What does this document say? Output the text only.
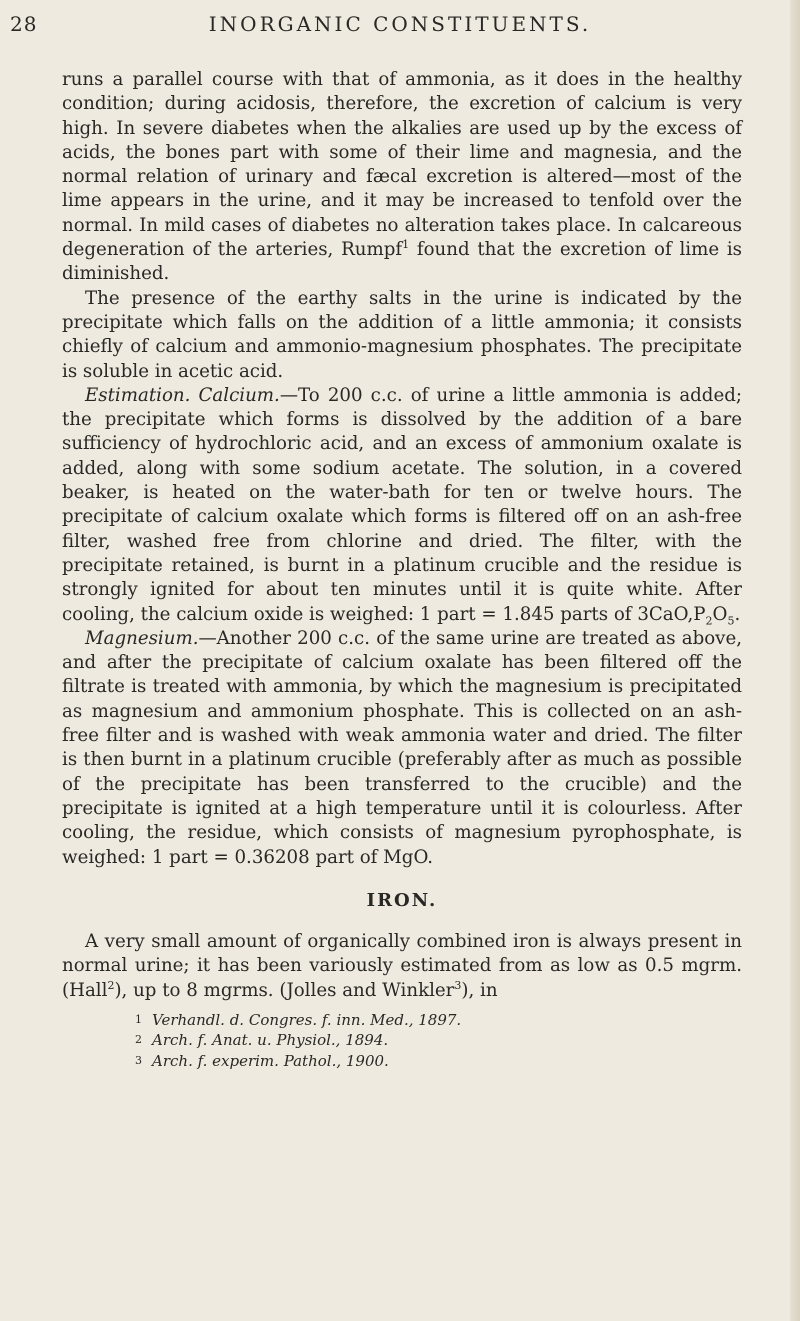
28	INORGANIC CONSTITUENTS.

runs a parallel course with that of ammonia, as it does in the healthy condition; during acidosis, therefore, the excretion of calcium is very high. In severe diabetes when the alkalies are used up by the excess of acids, the bones part with some of their lime and magnesia, and the normal relation of urinary and fæcal excretion is altered—most of the lime appears in the urine, and it may be increased to tenfold over the normal. In mild cases of diabetes no alteration takes place. In calcareous degeneration of the arteries, Rumpf$^1$ found that the excretion of lime is diminished.

The presence of the earthy salts in the urine is indicated by the precipitate which falls on the addition of a little ammonia; it consists chiefly of calcium and ammonio-magnesium phosphates. The precipitate is soluble in acetic acid.

Estimation. Calcium.—To 200 c.c. of urine a little ammonia is added; the precipitate which forms is dissolved by the addition of a bare sufficiency of hydrochloric acid, and an excess of ammonium oxalate is added, along with some sodium acetate. The solution, in a covered beaker, is heated on the water-bath for ten or twelve hours. The precipitate of calcium oxalate which forms is filtered off on an ash-free filter, washed free from chlorine and dried. The filter, with the precipitate retained, is burnt in a platinum crucible and the residue is strongly ignited for about ten minutes until it is quite white. After cooling, the calcium oxide is weighed: 1 part = 1.845 parts of $3CaO,P_2O_5$.

Magnesium.—Another 200 c.c. of the same urine are treated as above, and after the precipitate of calcium oxalate has been filtered off the filtrate is treated with ammonia, by which the magnesium is precipitated as magnesium and ammonium phosphate. This is collected on an ash-free filter and is washed with weak ammonia water and dried. The filter is then burnt in a platinum crucible (preferably after as much as possible of the precipitate has been transferred to the crucible) and the precipitate is ignited at a high temperature until it is colourless. After cooling, the residue, which consists of magnesium pyrophosphate, is weighed: 1 part = 0.36208 part of MgO.

IRON.

A very small amount of organically combined iron is always present in normal urine; it has been variously estimated from as low as 0.5 mgrm. (Hall$^2$), up to 8 mgrms. (Jolles and Winkler$^3$), in

1 Verhandl. d. Congres. f. inn. Med., 1897.
2 Arch. f. Anat. u. Physiol., 1894.
3 Arch. f. experim. Pathol., 1900.
